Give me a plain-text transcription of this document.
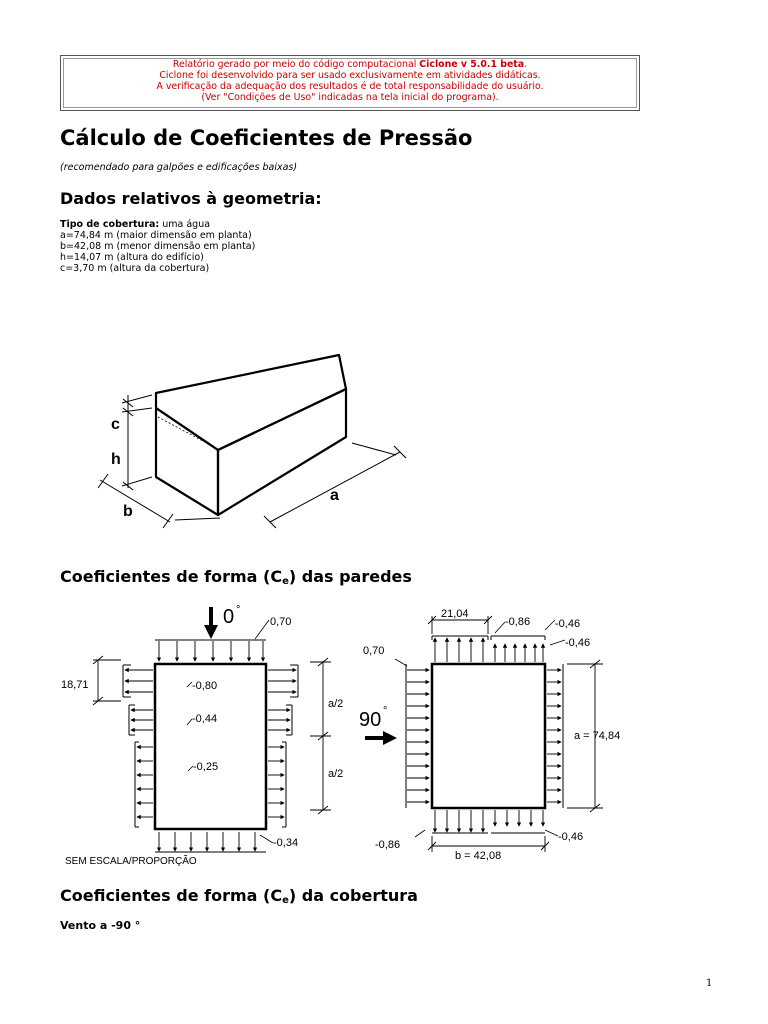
Relatório gerado por meio do código computacional Ciclone v 5.0.1 beta.
Ciclone foi desenvolvido para ser usado exclusivamente em atividades didáticas.
A verificação da adequação dos resultados é de total responsabilidade do usuário.
(Ver "Condições de Uso" indicadas na tela inicial do programa).
Cálculo de Coeficientes de Pressão
(recomendado para galpões e edificações baixas)
Dados relativos à geometria:
Tipo de cobertura: uma água
a=74,84 m (maior dimensão em planta)
b=42,08 m (menor dimensão em planta)
h=14,07 m (altura do edifício)
c=3,70 m (altura da cobertura)
c
h
b
a
Coeficientes de forma $(C_e)$ das paredes
0 °
0,70
18,71	-0,80
-0,44
-0,25
-0,34
a/2
a/2
SEM ESCALA/PROPORÇÃO
90 °
21,04
-0,86 -0,46
-0,46
0,70
a = 74,84
-0,86
-0,46
b = 42,08
Coeficientes de forma $(C_e)$ da cobertura
Vento a -90 °
1
